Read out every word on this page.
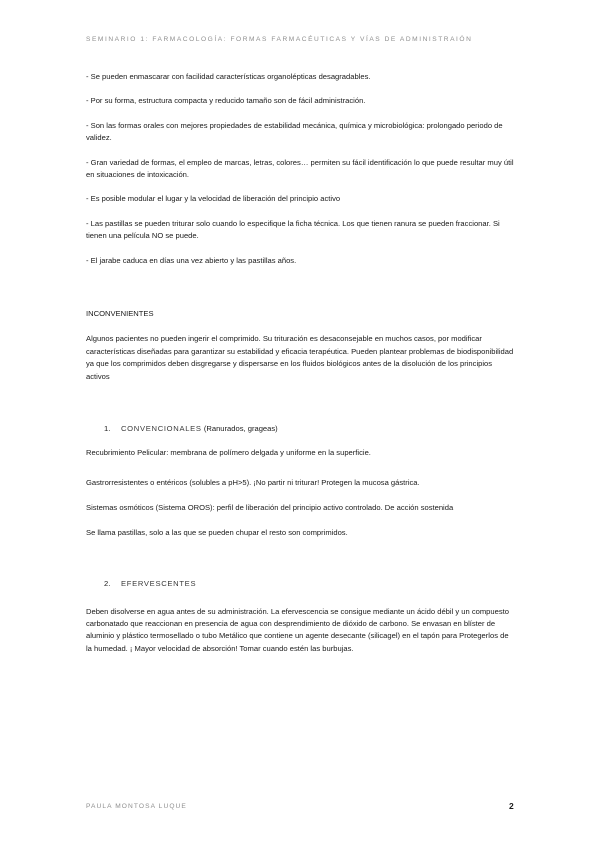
SEMINARIO 1: FARMACOLOGÍA: FORMAS FARMACÉUTICAS Y VÍAS DE ADMINISTRAIÓN

- Se pueden enmascarar con facilidad características organolépticas desagradables.

- Por su forma, estructura compacta y reducido tamaño son de fácil administración.

- Son las formas orales con mejores propiedades de estabilidad mecánica, química y microbiológica: prolongado periodo de validez.

- Gran variedad de formas, el empleo de marcas, letras, colores… permiten su fácil identificación lo que puede resultar muy útil en situaciones de intoxicación.

- Es posible modular el lugar y la velocidad de liberación del principio activo

- Las pastillas se pueden triturar solo cuando lo especifique la ficha técnica. Los que tienen ranura se pueden fraccionar. Si tienen una película NO se puede.

- El jarabe caduca en días una vez abierto y las pastillas años.

INCONVENIENTES

Algunos pacientes no pueden ingerir el comprimido. Su trituración es desaconsejable en muchos casos, por modificar características diseñadas para garantizar su estabilidad y eficacia terapéutica. Pueden plantear problemas de biodisponibilidad ya que los comprimidos deben disgregarse y dispersarse en los fluidos biológicos antes de la disolución de los principios activos

1. CONVENCIONALES (Ranurados, grageas)

Recubrimiento Pelicular: membrana de polímero delgada y uniforme en la superficie.

Gastrorresistentes o entéricos (solubles a pH>5). ¡No partir ni triturar! Protegen la mucosa gástrica.

Sistemas osmóticos (Sistema OROS): perfil de liberación del principio activo controlado. De acción sostenida

Se llama pastillas, solo a las que se pueden chupar el resto son comprimidos.

2. EFERVESCENTES

Deben disolverse en agua antes de su administración. La efervescencia se consigue mediante un ácido débil y un compuesto carbonatado que reaccionan en presencia de agua con desprendimiento de dióxido de carbono. Se envasan en blíster de aluminio y plástico termosellado o tubo Metálico que contiene un agente desecante (silicagel) en el tapón para Protegerlos de la humedad. ¡ Mayor velocidad de absorción! Tomar cuando estén las burbujas.

PAULA MONTOSA LUQUE	2
